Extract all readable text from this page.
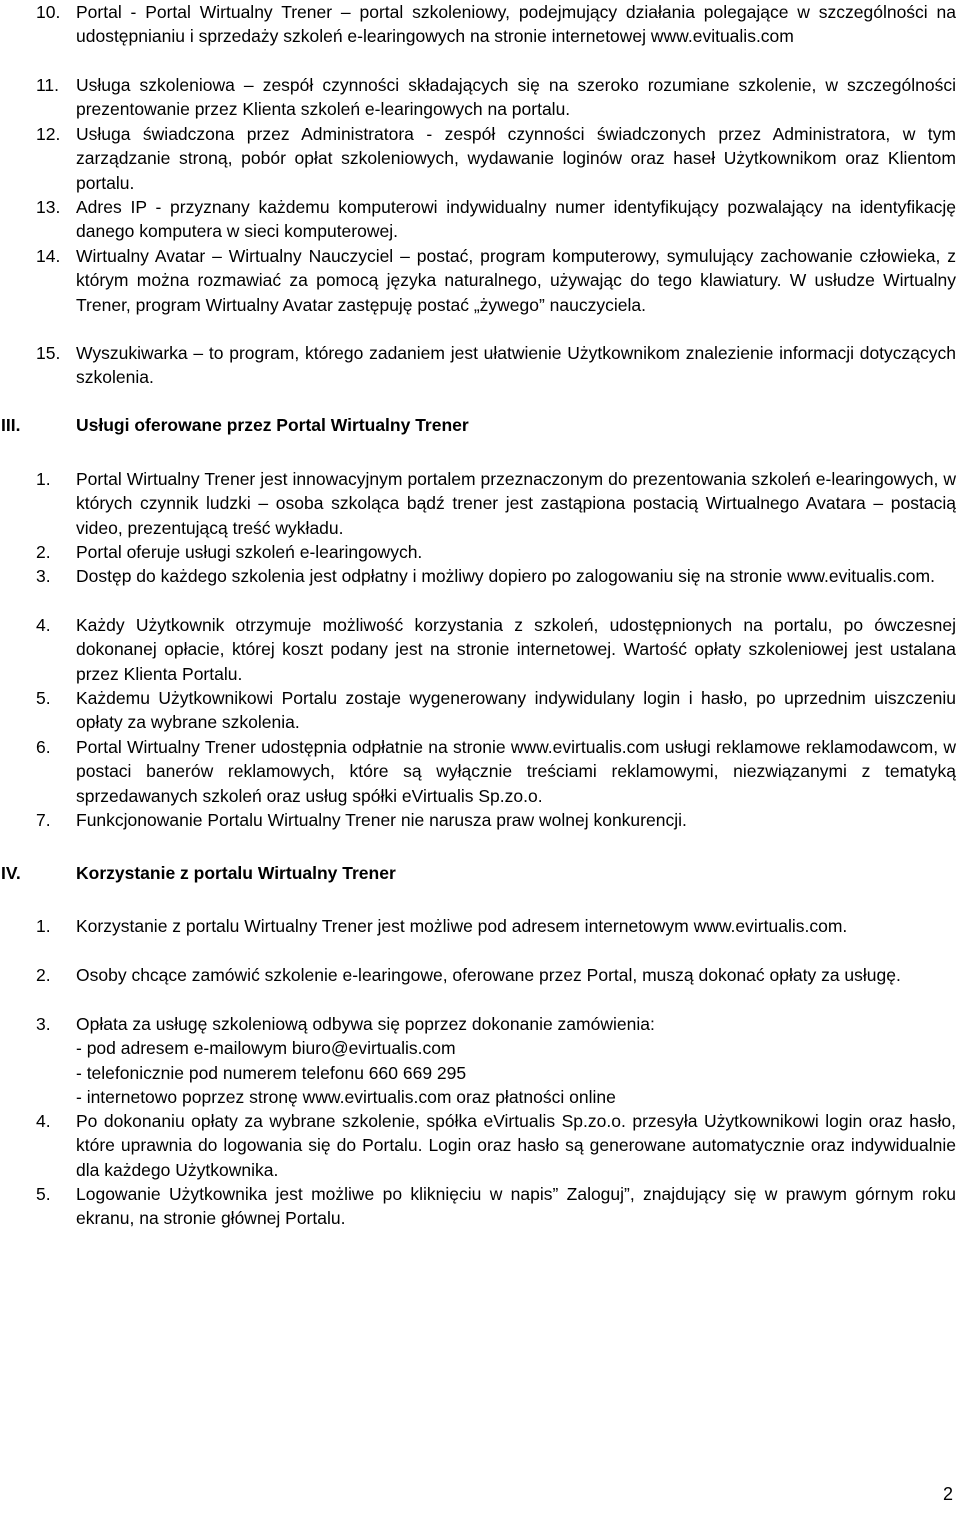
10. Portal - Portal Wirtualny Trener – portal szkoleniowy, podejmujący działania polegające w szczególności na udostępnianiu i sprzedaży szkoleń e-learingowych na stronie internetowej www.evitualis.com
11. Usługa szkoleniowa – zespół czynności składających się na szeroko rozumiane szkolenie, w szczególności prezentowanie przez Klienta szkoleń e-learingowych na portalu.
12. Usługa świadczona przez Administratora - zespół czynności świadczonych przez Administratora, w tym zarządzanie stroną, pobór opłat szkoleniowych, wydawanie loginów oraz haseł Użytkownikom oraz Klientom portalu.
13. Adres IP - przyznany każdemu komputerowi indywidualny numer identyfikujący pozwalający na identyfikację danego komputera w sieci komputerowej.
14. Wirtualny Avatar – Wirtualny Nauczyciel – postać, program komputerowy, symulujący zachowanie człowieka, z którym można rozmawiać za pomocą języka naturalnego, używając do tego klawiatury. W usłudze Wirtualny Trener, program Wirtualny Avatar zastępuję postać „żywego” nauczyciela.
15. Wyszukiwarka – to program, którego zadaniem jest ułatwienie Użytkownikom znalezienie informacji dotyczących szkolenia.
III.	Usługi oferowane przez Portal Wirtualny Trener
1. Portal Wirtualny Trener jest innowacyjnym portalem przeznaczonym do prezentowania szkoleń e-learingowych, w których czynnik ludzki – osoba szkoląca bądź trener jest zastąpiona postacią Wirtualnego Avatara – postacią video, prezentującą treść wykładu.
2. Portal oferuje usługi szkoleń e-learingowych.
3. Dostęp do każdego szkolenia jest odpłatny i możliwy dopiero po zalogowaniu się na stronie www.evitualis.com.
4. Każdy Użytkownik otrzymuje możliwość korzystania z szkoleń, udostępnionych na portalu, po ówczesnej dokonanej opłacie, której koszt podany jest na stronie internetowej. Wartość opłaty szkoleniowej jest ustalana przez Klienta Portalu.
5. Każdemu Użytkownikowi Portalu zostaje wygenerowany indywidulany login i hasło, po uprzednim uiszczeniu opłaty za wybrane szkolenia.
6. Portal Wirtualny Trener udostępnia odpłatnie na stronie www.evirtualis.com usługi reklamowe reklamodawcom, w postaci banerów reklamowych, które są wyłącznie treściami reklamowymi, niezwiązanymi z tematyką sprzedawanych szkoleń oraz usług spółki eVirtualis Sp.zo.o.
7. Funkcjonowanie Portalu Wirtualny Trener nie narusza praw wolnej konkurencji.
IV.	Korzystanie z portalu Wirtualny Trener
1. Korzystanie z portalu Wirtualny Trener jest możliwe pod adresem internetowym www.evirtualis.com.
2. Osoby chcące zamówić szkolenie e-learingowe, oferowane przez Portal, muszą dokonać opłaty za usługę.
3. Opłata za usługę szkoleniową odbywa się poprzez dokonanie zamówienia:
- pod adresem e-mailowym biuro@evirtualis.com
- telefonicznie pod numerem telefonu 660 669 295
- internetowo poprzez stronę www.evirtualis.com oraz płatności online
4. Po dokonaniu opłaty za wybrane szkolenie, spółka eVirtualis Sp.zo.o. przesyła Użytkownikowi login oraz hasło, które uprawnia do logowania się do Portalu. Login oraz hasło są generowane automatycznie oraz indywidualnie dla każdego Użytkownika.
5. Logowanie Użytkownika jest możliwe po kliknięciu w napis” Zaloguj”, znajdujący się w prawym górnym roku ekranu, na stronie głównej Portalu.
2
